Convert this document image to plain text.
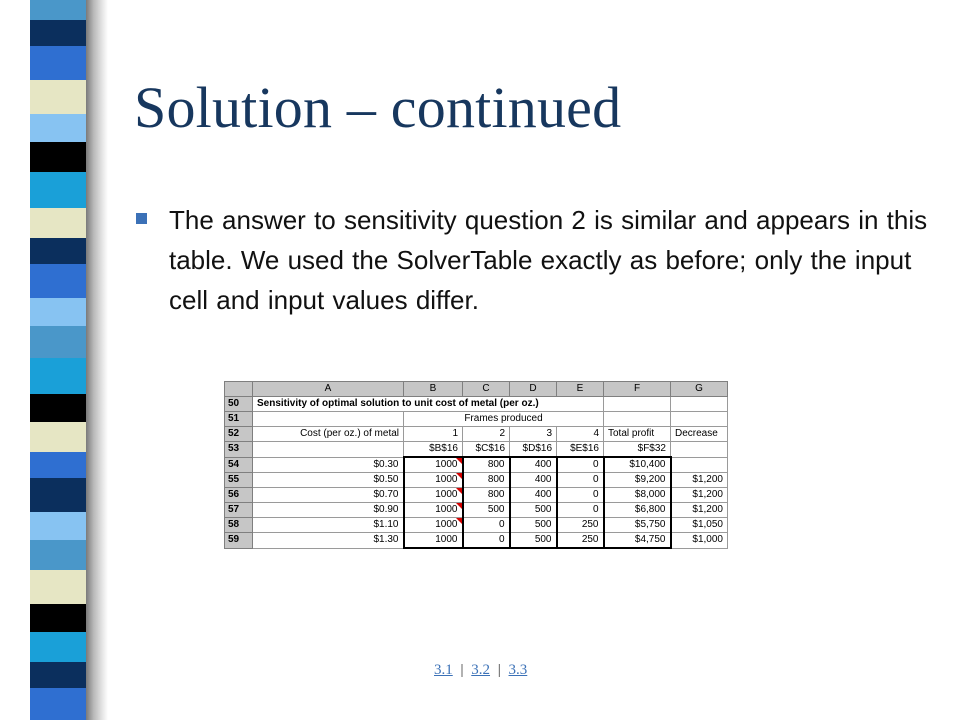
Solution – continued
The answer to sensitivity question 2 is similar and appears in this table. We used the SolverTable exactly as before; only the input cell and input values differ.
	A	B	C	D	E	F	G
50	Sensitivity of optimal solution to unit cost of metal (per oz.)						
51		Frames produced					
52	Cost (per oz.) of metal	1	2	3	4	Total profit	Decrease
53		$B$16	$C$16	$D$16	$E$16	$F$32	
54	$0.30	1000	800	400	0	$10,400	
55	$0.50	1000	800	400	0	$9,200	$1,200
56	$0.70	1000	800	400	0	$8,000	$1,200
57	$0.90	1000	500	500	0	$6,800	$1,200
58	$1.10	1000	0	500	250	$5,750	$1,050
59	$1.30	1000	0	500	250	$4,750	$1,000
3.1 | 3.2 | 3.3
